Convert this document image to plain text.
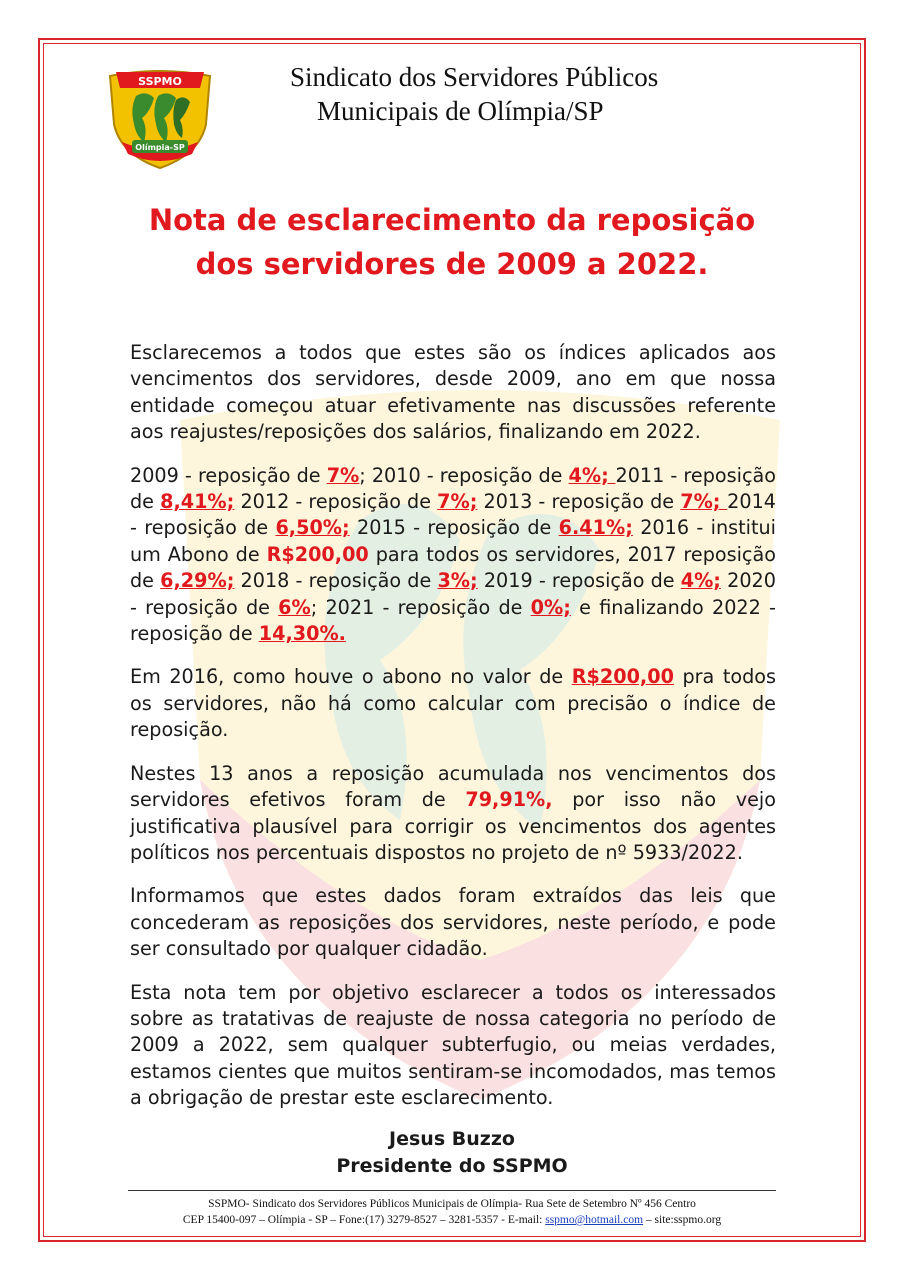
SSPMO
Olímpia-SP
Sindicato dos Servidores Públicos
Municipais de Olímpia/SP
Nota de esclarecimento da reposição
dos servidores de 2009 a 2022.

Esclarecemos a todos que estes são os índices aplicados aos vencimentos dos servidores, desde 2009, ano em que nossa entidade começou atuar efetivamente nas discussões referente aos reajustes/reposições dos salários, finalizando em 2022.

2009 - reposição de 7%; 2010 - reposição de 4%; 2011 - reposição de 8,41%; 2012 - reposição de 7%; 2013 - reposição de 7%; 2014 - reposição de 6,50%; 2015 - reposição de 6.41%; 2016 - institui um Abono de R$200,00 para todos os servidores, 2017 reposição de 6,29%; 2018 - reposição de 3%; 2019 - reposição de 4%; 2020 - reposição de 6%; 2021 - reposição de 0%; e finalizando 2022 -reposição de 14,30%.

Em 2016, como houve o abono no valor de R$200,00 pra todos os servidores, não há como calcular com precisão o índice de reposição.

Nestes 13 anos a reposição acumulada nos vencimentos dos servidores efetivos foram de 79,91%, por isso não vejo justificativa plausível para corrigir os vencimentos dos agentes políticos nos percentuais dispostos no projeto de nº 5933/2022.

Informamos que estes dados foram extraídos das leis que concederam as reposições dos servidores, neste período, e pode ser consultado por qualquer cidadão.

Esta nota tem por objetivo esclarecer a todos os interessados sobre as tratativas de reajuste de nossa categoria no período de 2009 a 2022, sem qualquer subterfugio, ou meias verdades, estamos cientes que muitos sentiram-se incomodados, mas temos a obrigação de prestar este esclarecimento.

Jesus Buzzo
Presidente do SSPMO
SSPMO- Sindicato dos Servidores Públicos Municipais de Olímpia- Rua Sete de Setembro Nº 456 Centro
CEP 15400-097 – Olímpia - SP – Fone:(17) 3279-8527 – 3281-5357 - E-mail: sspmo@hotmail.com – site:sspmo.org
